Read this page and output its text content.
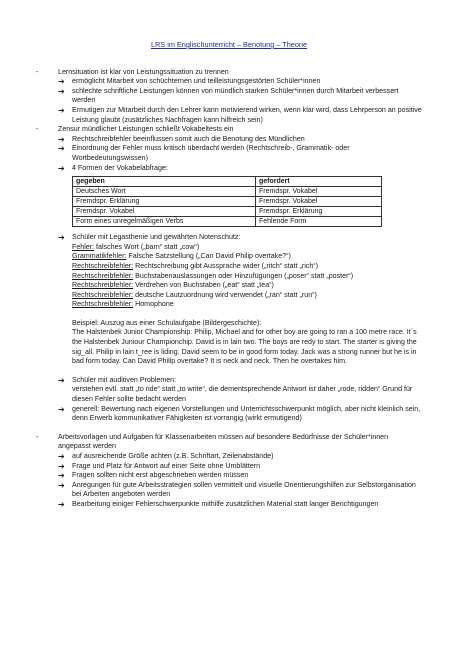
LRS im Englischunterricht – Benotung – Theorie
-	Lernsituation ist klar von Leistungssituation zu trennen
➔ ermöglicht Mitarbeit von schüchternen und teilleistungsgestörten Schüler*innen
➔ schlechte schriftliche Leistungen können von mündlich starken Schüler*innen durch Mitarbeit verbessert werden
➔ Ermutigen zur Mitarbeit durch den Lehrer kann motivierend wirken, wenn klar wird, dass Lehrperson an positive Leistung glaubt (zusätzliches Nachfragen kann hilfreich sein)
-	Zensur mündlicher Leistungen schließt Vokabeltests ein
➔ Rechtschreibfehler beeinflussen somit auch die Benotung des Mündlichen
➔ Einordnung der Fehler muss kritisch überdacht werden (Rechtschreib-, Grammatik- oder Wortbedeutungswissen)
➔ 4 Formen der Vokabelabfrage:
gegeben	gefordert
Deutsches Wort	Fremdspr. Vokabel
Fremdspr. Erklärung	Fremdspr. Vokabel
Fremdspr. Vokabel	Fremdspr. Erklärung
Form eines unregelmäßigen Verbs	Fehlende Form
➔ Schüler mit Legasthenie und gewährten Notenschutz:
Fehler: falsches Wort („barn“ statt „cow“)
Grammatikfehler: Falsche Satzstellung („Can David Philip overtake?“)
Rechtschreibfehler: Rechtschreibung gibt Aussprache wider („ritch“ statt „rich“)
Rechtschreibfehler: Buchstabenauslassungen oder Hinzufügungen („poser“ statt „poster“)
Rechtschreibfehler: Verdrehen von Buchstaben („eat“ statt „tea“)
Rechtschreibfehler: deutsche Lautzuordnung wird verwendet („ran“ statt „run“)
Rechtschreibfehler: Homophone

Beispiel: Auszug aus einer Schulaufgabe (Bildergeschichte):

The Halstenbek Junior Championship: Philip, Michael and for other boy are going to ran a 100 metre race. It´s the Halstenbek Juniour Championchip. David is in lain two. The boys are redy to start. The starter is giving the sig_all. Philip in lain t_ree is liding. David seem to be in good form today. Jack was a strong runner but he is in bad form today. Can David Philip overtake? It is neck and neck. Then he overtakes him.

➔ Schüler mit auditiven Problemen:

verstehen evtl. statt „to ride“ statt „to write“, die dementsprechende Antwort ist daher „rode, ridden“ Grund für diesen Fehler sollte bedacht werden

➔ generell: Bewertung nach eigenen Vorstellungen und Unterrichtsschwerpunkt möglich, aber nicht kleinlich sein, denn Erwerb kommunikativer Fähigkeiten ist vorrangig (wirkt ermutigend)
-	Arbeitsvorlagen und Aufgaben für Klassenarbeiten müssen auf besondere Bedürfnisse der Schüler*innen angepasst werden
➔ auf ausreichende Größe achten (z.B. Schriftart, Zeilenabstände)
➔ Frage und Platz für Antwort auf einer Seite ohne Umblättern
➔ Fragen sollten nicht erst abgeschrieben werden müssen
➔ Anregungen für gute Arbeitsstrategien sollen vermittelt und visuelle Orientierungshilfen zur Selbstorganisation bei Arbeiten angeboten werden
➔ Bearbeitung einiger Fehlerschwerpunkte mithilfe zusätzlichen Material statt langer Berichtigungen
